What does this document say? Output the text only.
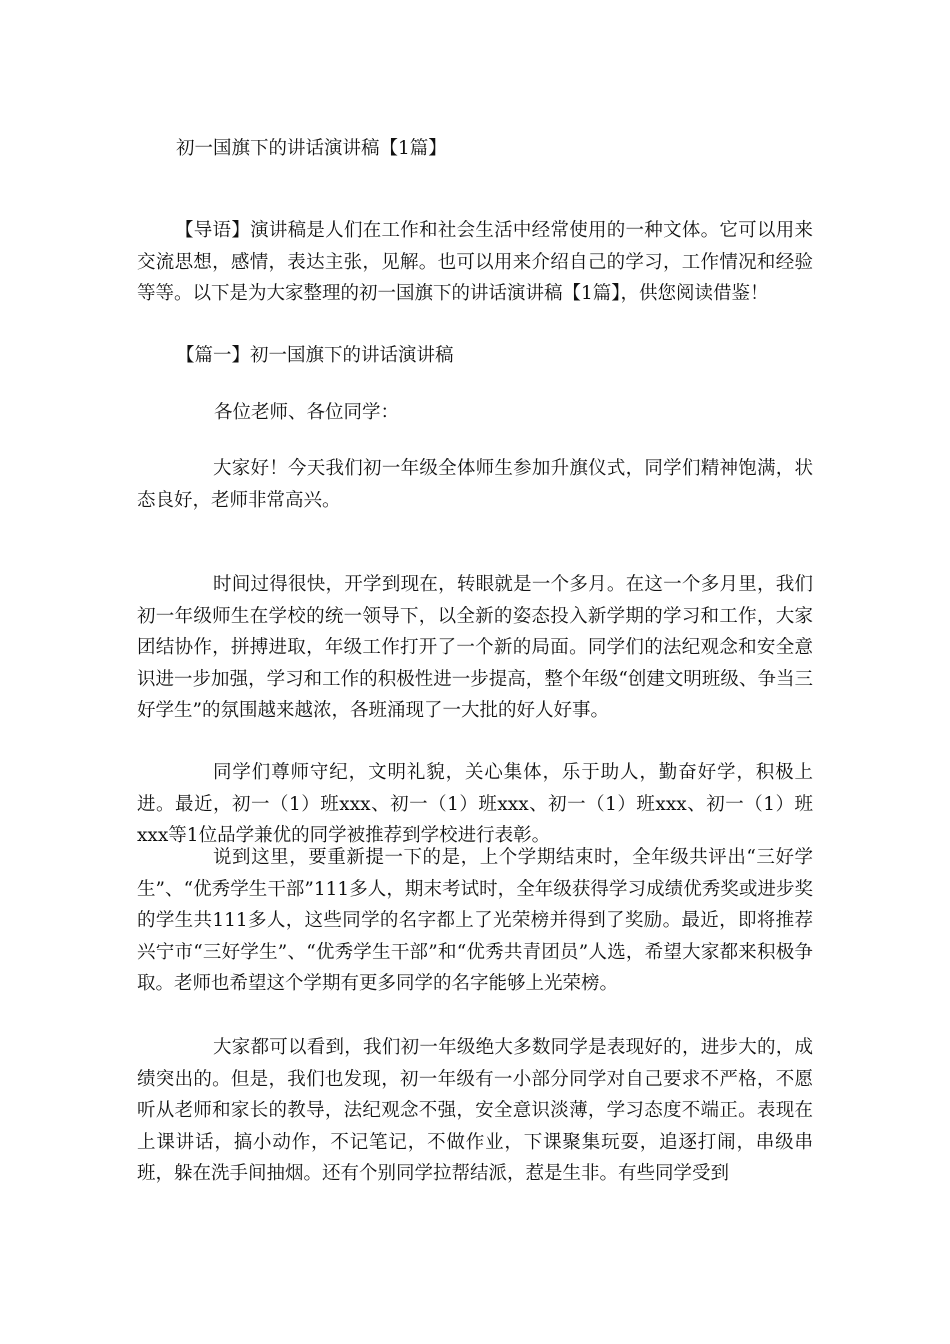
初一国旗下的讲话演讲稿【1篇】

【导语】演讲稿是人们在工作和社会生活中经常使用的一种文体。它可以用来交流思想，感情，表达主张，见解。也可以用来介绍自己的学习，工作情况和经验等等。以下是为大家整理的初一国旗下的讲话演讲稿【1篇】，供您阅读借鉴！

【篇一】初一国旗下的讲话演讲稿
各位老师、各位同学：

大家好！今天我们初一年级全体师生参加升旗仪式，同学们精神饱满，状态良好，老师非常高兴。

时间过得很快，开学到现在，转眼就是一个多月。在这一个多月里，我们初一年级师生在学校的统一领导下，以全新的姿态投入新学期的学习和工作，大家团结协作，拼搏进取，年级工作打开了一个新的局面。同学们的法纪观念和安全意识进一步加强，学习和工作的积极性进一步提高，整个年级“创建文明班级、争当三好学生”的氛围越来越浓，各班涌现了一大批的好人好事。

同学们尊师守纪，文明礼貌，关心集体，乐于助人，勤奋好学，积极上进。最近，初一（1）班xxx、初一（1）班xxx、初一（1）班xxx、初一（1）班xxx等1位品学兼优的同学被推荐到学校进行表彰。

说到这里，要重新提一下的是，上个学期结束时，全年级共评出“三好学生”、“优秀学生干部”111多人，期末考试时，全年级获得学习成绩优秀奖或进步奖的学生共111多人，这些同学的名字都上了光荣榜并得到了奖励。最近，即将推荐兴宁市“三好学生”、“优秀学生干部”和“优秀共青团员”人选，希望大家都来积极争取。老师也希望这个学期有更多同学的名字能够上光荣榜。

大家都可以看到，我们初一年级绝大多数同学是表现好的，进步大的，成绩突出的。但是，我们也发现，初一年级有一小部分同学对自己要求不严格，不愿听从老师和家长的教导，法纪观念不强，安全意识淡薄，学习态度不端正。表现在上课讲话，搞小动作，不记笔记，不做作业，下课聚集玩耍，追逐打闹，串级串班，躲在洗手间抽烟。还有个别同学拉帮结派，惹是生非。有些同学受到
